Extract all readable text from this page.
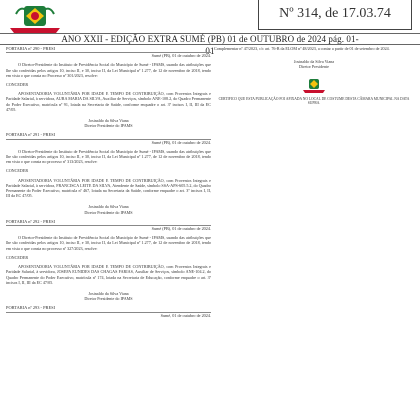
Nº 314, de 17.03.74
ANO XXII - EDIÇÃO EXTRA SUMÉ (PB) 01 de OUTUBRO de 2024 pág. 01-01
PORTARIA nº 290 - PRESI

Sumé (PB), 01 de outubro de 2024.

O Diretor-Presidente do Instituto de Previdência Social do Município de Sumé - IPAMS, usando das atribuições que lhe são conferidas pelos artigos 10, inciso II, e 30, inciso II, da Lei Municipal nº 1.277, de 12 de novembro de 2018, tendo em vista o que consta no Processo nº 301/2023, resolve:

CONCEDER

APOSENTADORIA VOLUNTÁRIA POR IDADE E TEMPO DE CONTRIBUIÇÃO, com Proventos Integrais e Paridade Salarial, à servidora, AURA MARIA DA SILVA, Auxiliar de Serviços, símbolo ANE-108.2, do Quadro Permanente do Poder Executivo, matrícula nº 91, lotada na Secretaria de Saúde, conforme enquadre o art. 3º incisos I, II, III da EC 47/05.

Josinaldo da Silva Viana

Diretor Presidente do IPAMS

PORTARIA nº 291 - PRESI

Sumé (PB), 01 de outubro de 2024.

O Diretor-Presidente do Instituto de Previdência Social do Município de Sumé - IPAMS, usando das atribuições que lhe são conferidas pelos artigos 10, inciso II, e 30, inciso II, da Lei Municipal nº 1.277, de 12 de novembro de 2018, tendo em vista o que consta no processo nº 313/2023, resolve:

CONCEDER

APOSENTADORIA VOLUNTÁRIA POR IDADE E TEMPO DE CONTRIBUIÇÃO, com Proventos Integrais e Paridade Salarial, à servidora, FRANCISCA LEITE DA SILVA, Atendente de Saúde, símbolo SSA-APS-605.5.2, do Quadro Permanente do Poder Executivo, matrícula nº 467, lotada na Secretaria da Saúde, conforme enquadre o art. 3º incisos I, II, III da EC 47/05.

Josinaldo da Silva Viana

Diretor Presidente do IPAMS

PORTARIA nº 292 - PRESI

Sumé (PB), 01 de outubro de 2024.

O Diretor-Presidente do Instituto de Previdência Social do Município de Sumé - IPAMS, usando das atribuições que lhe são conferidas pelos artigos 10, inciso II, e 30, inciso II, da Lei Municipal nº 1.277, de 12 de novembro de 2018, tendo em vista o que consta no processo nº 327/2023, resolve:

CONCEDER

APOSENTADORIA VOLUNTÁRIA POR IDADE E TEMPO DE CONTRIBUIÇÃO, com Proventos Integrais e Paridade Salarial, à servidora, JOSEFA EUNIDES DAS CHAGAS FARIAS, Auxiliar de Serviços, símbolo ANE-104.2, do Quadro Permanente do Poder Executivo, matrícula nº 174, lotada na Secretaria de Educação, conforme enquadre o art. 3º incisos I, II, III da EC 47/05.

Josinaldo da Silva Viana

Diretor Presidente do IPAMS

PORTARIA nº 293 - PRESI

Sumé, 01 de outubro de 2024.

Complementar nº 47/2023, c/c art. 76-B da ELOM nº 48/2023, a contar a partir de 01 de setembro de 2024.

Josinaldo da Silva Viana

Diretor Presidente

CERTIFICO QUE ESTA PUBLICAÇÃO FOI AFIXADA NO LOCAL DE COSTUME DESTA CÂMARA MUNICIPAL NA DATA SUPRA.
